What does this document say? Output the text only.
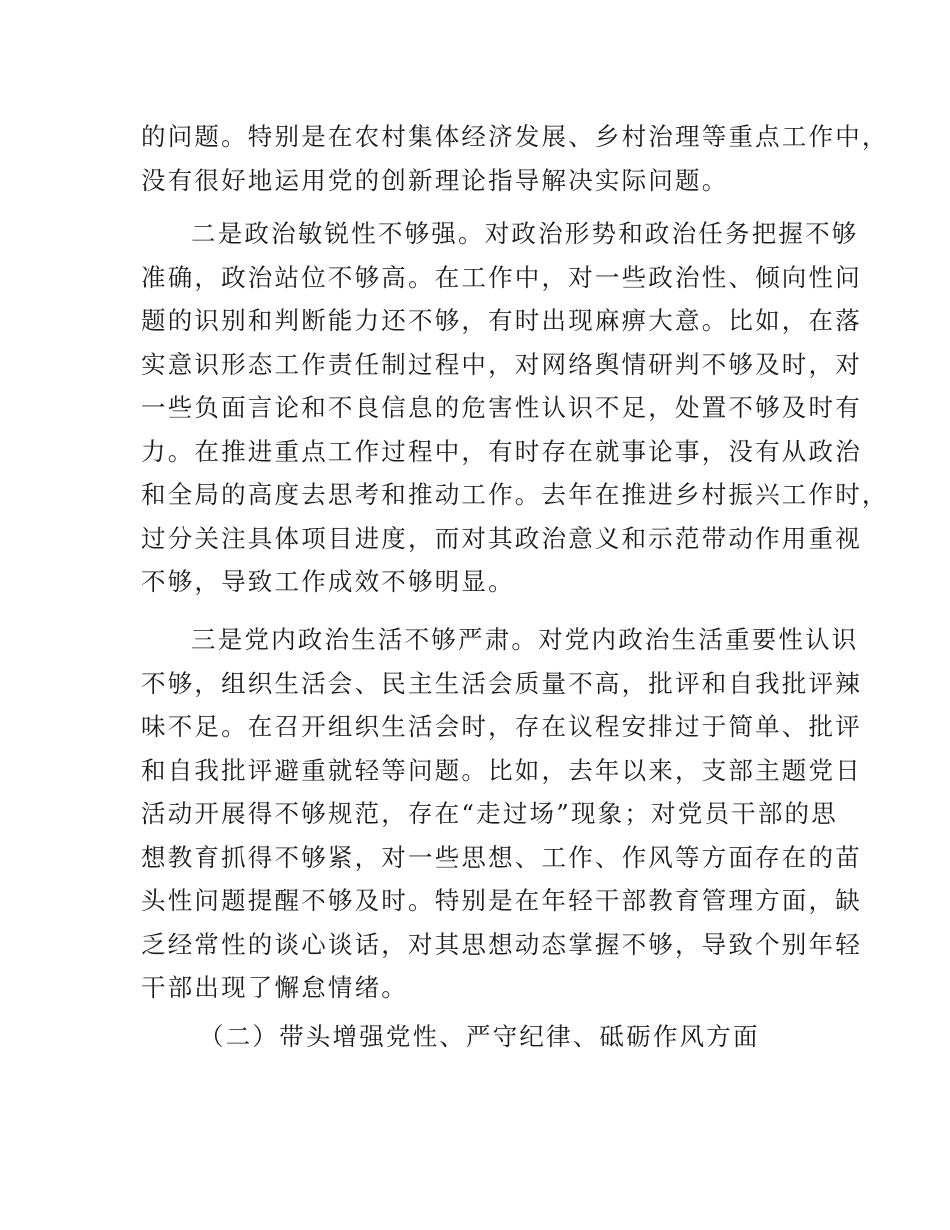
的问题。特别是在农村集体经济发展、乡村治理等重点工作中，
没有很好地运用党的创新理论指导解决实际问题。
二是政治敏锐性不够强。对政治形势和政治任务把握不够
准确，政治站位不够高。在工作中，对一些政治性、倾向性问
题的识别和判断能力还不够，有时出现麻痹大意。比如，在落
实意识形态工作责任制过程中，对网络舆情研判不够及时，对
一些负面言论和不良信息的危害性认识不足，处置不够及时有
力。在推进重点工作过程中，有时存在就事论事，没有从政治
和全局的高度去思考和推动工作。去年在推进乡村振兴工作时，
过分关注具体项目进度，而对其政治意义和示范带动作用重视
不够，导致工作成效不够明显。
三是党内政治生活不够严肃。对党内政治生活重要性认识
不够，组织生活会、民主生活会质量不高，批评和自我批评辣
味不足。在召开组织生活会时，存在议程安排过于简单、批评
和自我批评避重就轻等问题。比如，去年以来，支部主题党日
活动开展得不够规范，存在“走过场”现象；对党员干部的思
想教育抓得不够紧，对一些思想、工作、作风等方面存在的苗
头性问题提醒不够及时。特别是在年轻干部教育管理方面，缺
乏经常性的谈心谈话，对其思想动态掌握不够，导致个别年轻
干部出现了懈怠情绪。
（二）带头增强党性、严守纪律、砥砺作风方面
